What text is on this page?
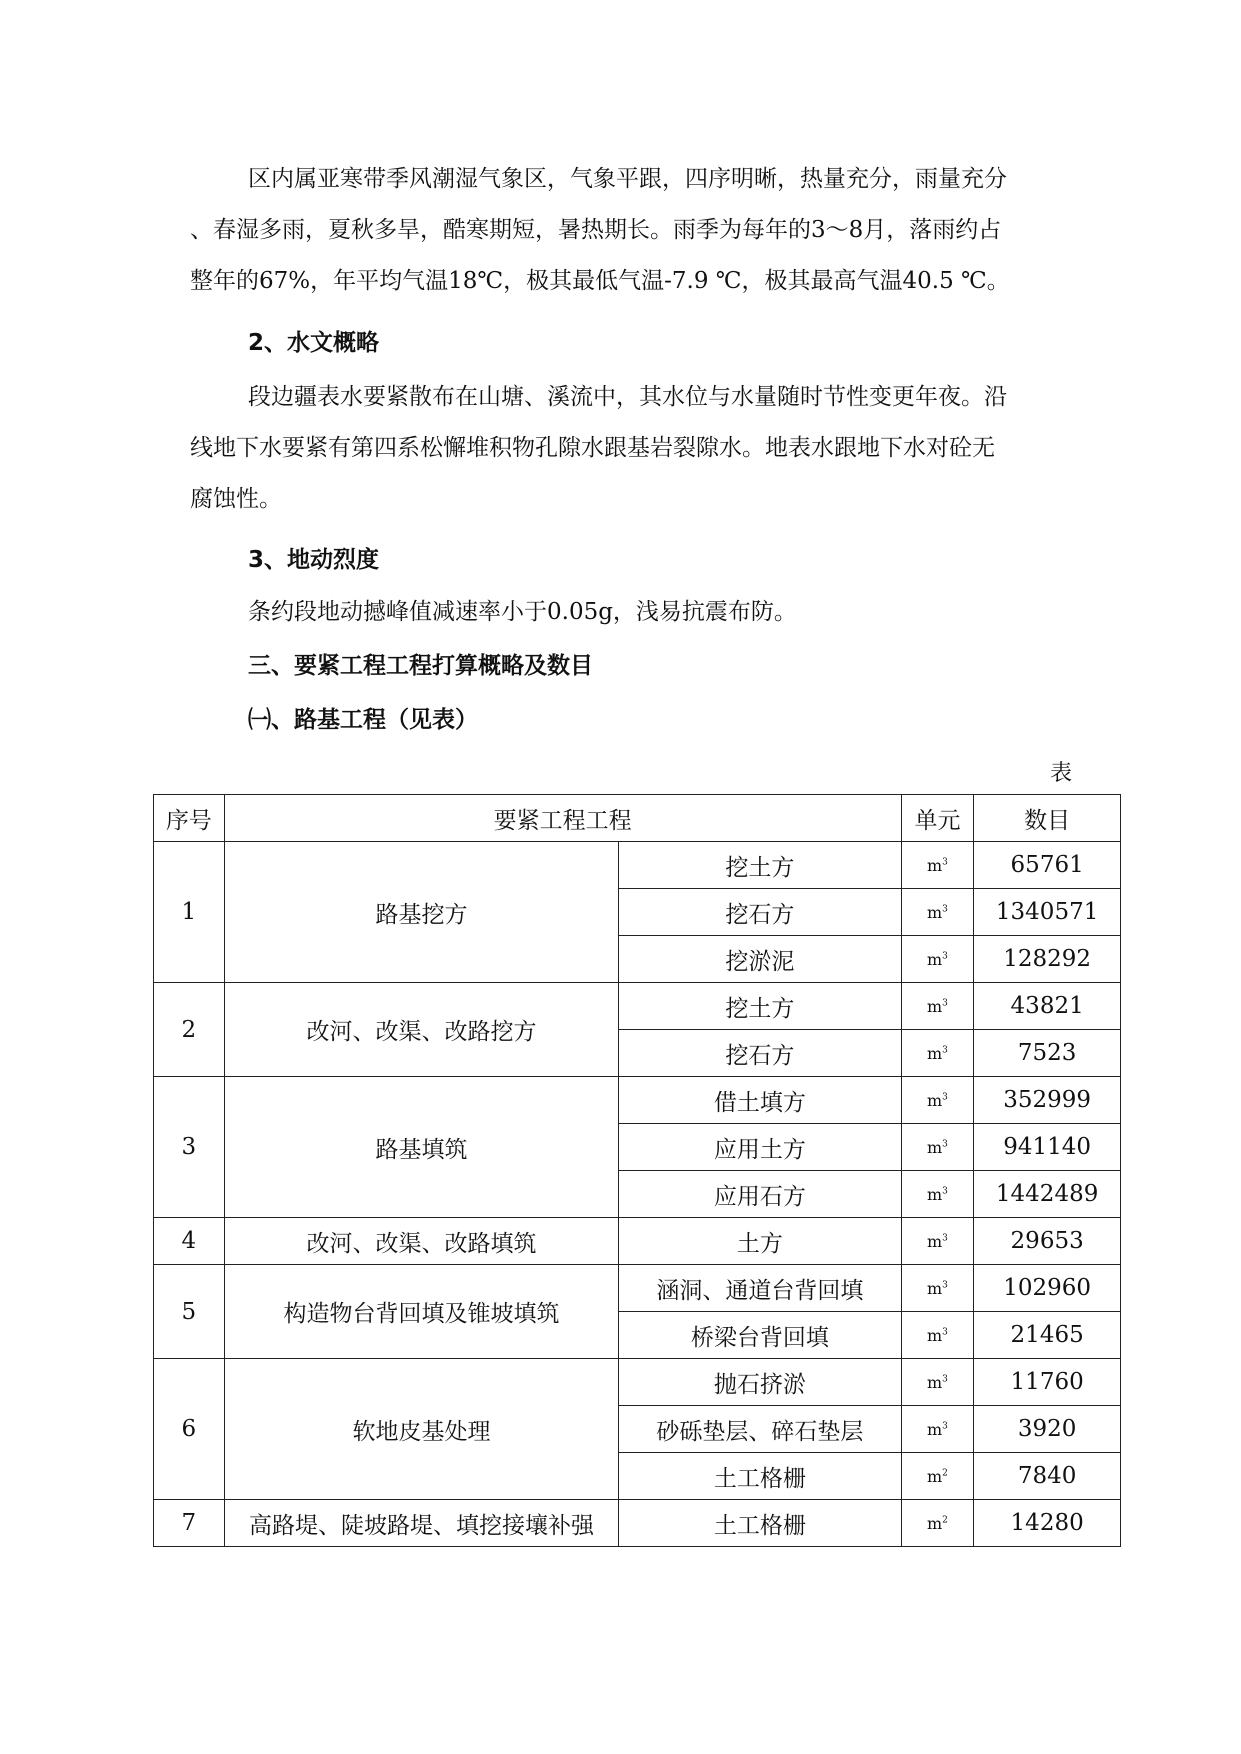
区内属亚寒带季风潮湿气象区，气象平跟，四序明晰，热量充分，雨量充分
、春湿多雨，夏秋多旱，酷寒期短，暑热期长。雨季为每年的3～8月，落雨约占
整年的67%，年平均气温18℃，极其最低气温-7.9 ℃，极其最高气温40.5 ℃。

2、水文概略

段边疆表水要紧散布在山塘、溪流中，其水位与水量随时节性变更年夜。沿
线地下水要紧有第四系松懈堆积物孔隙水跟基岩裂隙水。地表水跟地下水对砼无
腐蚀性。

3、地动烈度

条约段地动撼峰值减速率小于0.05g，浅易抗震布防。

三、要紧工程工程打算概略及数目

㈠、路基工程（见表）

表
序号	要紧工程工程		单元	数目
1	路基挖方	挖土方	$m^3$	65761
		挖石方	$m^3$	1340571
		挖淤泥	$m^3$	128292
2	改河、改渠、改路挖方	挖土方	$m^3$	43821
		挖石方	$m^3$	7523
3	路基填筑	借土填方	$m^3$	352999
		应用土方	$m^3$	941140
		应用石方	$m^3$	1442489
4	改河、改渠、改路填筑	土方	$m^3$	29653
5	构造物台背回填及锥坡填筑	涵洞、通道台背回填	$m^3$	102960
		桥梁台背回填	$m^3$	21465
6	软地皮基处理	抛石挤淤	$m^3$	11760
		砂砾垫层、碎石垫层	$m^3$	3920
		土工格栅	$m^2$	7840
7	高路堤、陡坡路堤、填挖接壤补强	土工格栅	$m^2$	14280
